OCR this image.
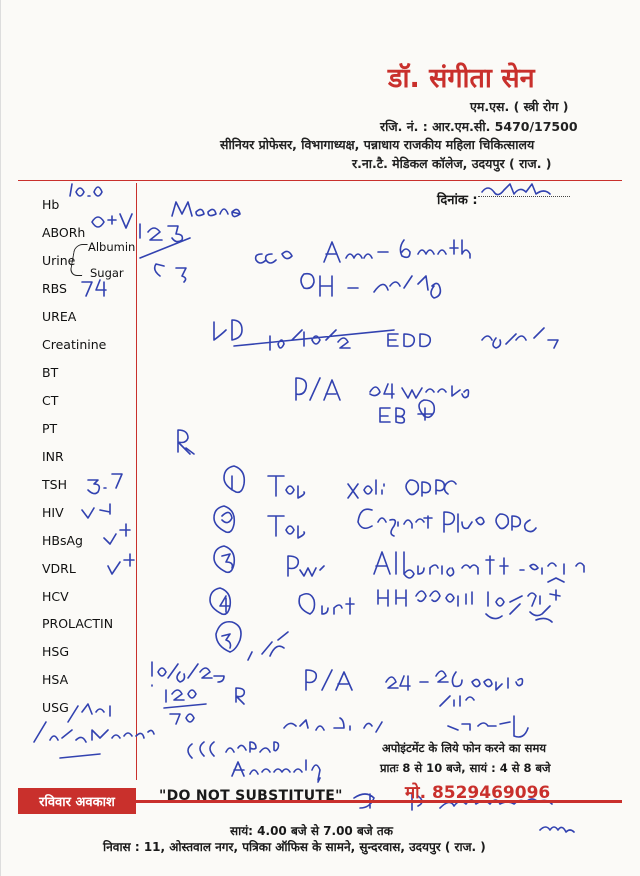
डॉ. संगीता सेन
एम.एस. ( स्त्री रोग )
रजि. नं. : आर.एम.सी. 5470/17500
सीनियर प्रोफेसर, विभागाध्यक्ष, पन्नाधाय राजकीय महिला चिकित्सालय
र.ना.टै. मेडिकल कॉलेज, उदयपुर ( राज. )
दिनांक :
Hb
ABORh
Urine
Albumin
Sugar
RBS
UREA
Creatinine
BT
CT
PT
INR
TSH
HIV
HBsAg
VDRL
HCV
PROLACTIN
HSG
HSA
USG
रविवार अवकाश	"DO NOT SUBSTITUTE"
अपोइंटमेंट के लिये फोन करने का समय
प्रातः 8 से 10 बजे, सायं : 4 से 8 बजे
मो. 8529469096
सायं: 4.00 बजे से 7.00 बजे तक
निवास : 11, ओस्तवाल नगर, पत्रिका ऑफिस के सामने, सुन्दरवास, उदयपुर ( राज. )
